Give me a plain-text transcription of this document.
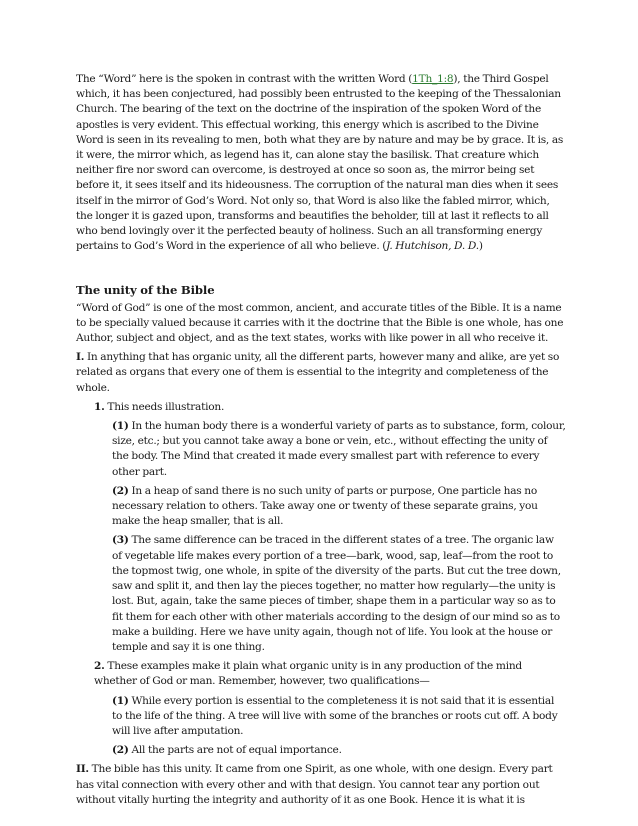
The “Word” here is the spoken in contrast with the written Word (1Th_1:8), the Third Gospel which, it has been conjectured, had possibly been entrusted to the keeping of the Thessalonian Church. The bearing of the text on the doctrine of the inspiration of the spoken Word of the apostles is very evident. This effectual working, this energy which is ascribed to the Divine Word is seen in its revealing to men, both what they are by nature and may be by grace. It is, as it were, the mirror which, as legend has it, can alone stay the basilisk. That creature which neither fire nor sword can overcome, is destroyed at once so soon as, the mirror being set before it, it sees itself and its hideousness. The corruption of the natural man dies when it sees itself in the mirror of God’s Word. Not only so, that Word is also like the fabled mirror, which, the longer it is gazed upon, transforms and beautifies the beholder, till at last it reflects to all who bend lovingly over it the perfected beauty of holiness. Such an all transforming energy pertains to God’s Word in the experience of all who believe. (J. Hutchison, D. D.)

The unity of the Bible

“Word of God” is one of the most common, ancient, and accurate titles of the Bible. It is a name to be specially valued because it carries with it the doctrine that the Bible is one whole, has one Author, subject and object, and as the text states, works with like power in all who receive it.

I. In anything that has organic unity, all the different parts, however many and alike, are yet so related as organs that every one of them is essential to the integrity and completeness of the whole.

1. This needs illustration.

(1) In the human body there is a wonderful variety of parts as to substance, form, colour, size, etc.; but you cannot take away a bone or vein, etc., without effecting the unity of the body. The Mind that created it made every smallest part with reference to every other part.

(2) In a heap of sand there is no such unity of parts or purpose, One particle has no necessary relation to others. Take away one or twenty of these separate grains, you make the heap smaller, that is all.

(3) The same difference can be traced in the different states of a tree. The organic law of vegetable life makes every portion of a tree—bark, wood, sap, leaf—from the root to the topmost twig, one whole, in spite of the diversity of the parts. But cut the tree down, saw and split it, and then lay the pieces together, no matter how regularly—the unity is lost. But, again, take the same pieces of timber, shape them in a particular way so as to fit them for each other with other materials according to the design of our mind so as to make a building. Here we have unity again, though not of life. You look at the house or temple and say it is one thing.

2. These examples make it plain what organic unity is in any production of the mind whether of God or man. Remember, however, two qualifications—

(1) While every portion is essential to the completeness it is not said that it is essential to the life of the thing. A tree will live with some of the branches or roots cut off. A body will live after amputation.

(2) All the parts are not of equal importance.

II. The bible has this unity. It came from one Spirit, as one whole, with one design. Every part has vital connection with every other and with that design. You cannot tear any portion out without vitally hurting the integrity and authority of it as one Book. Hence it is what it is
